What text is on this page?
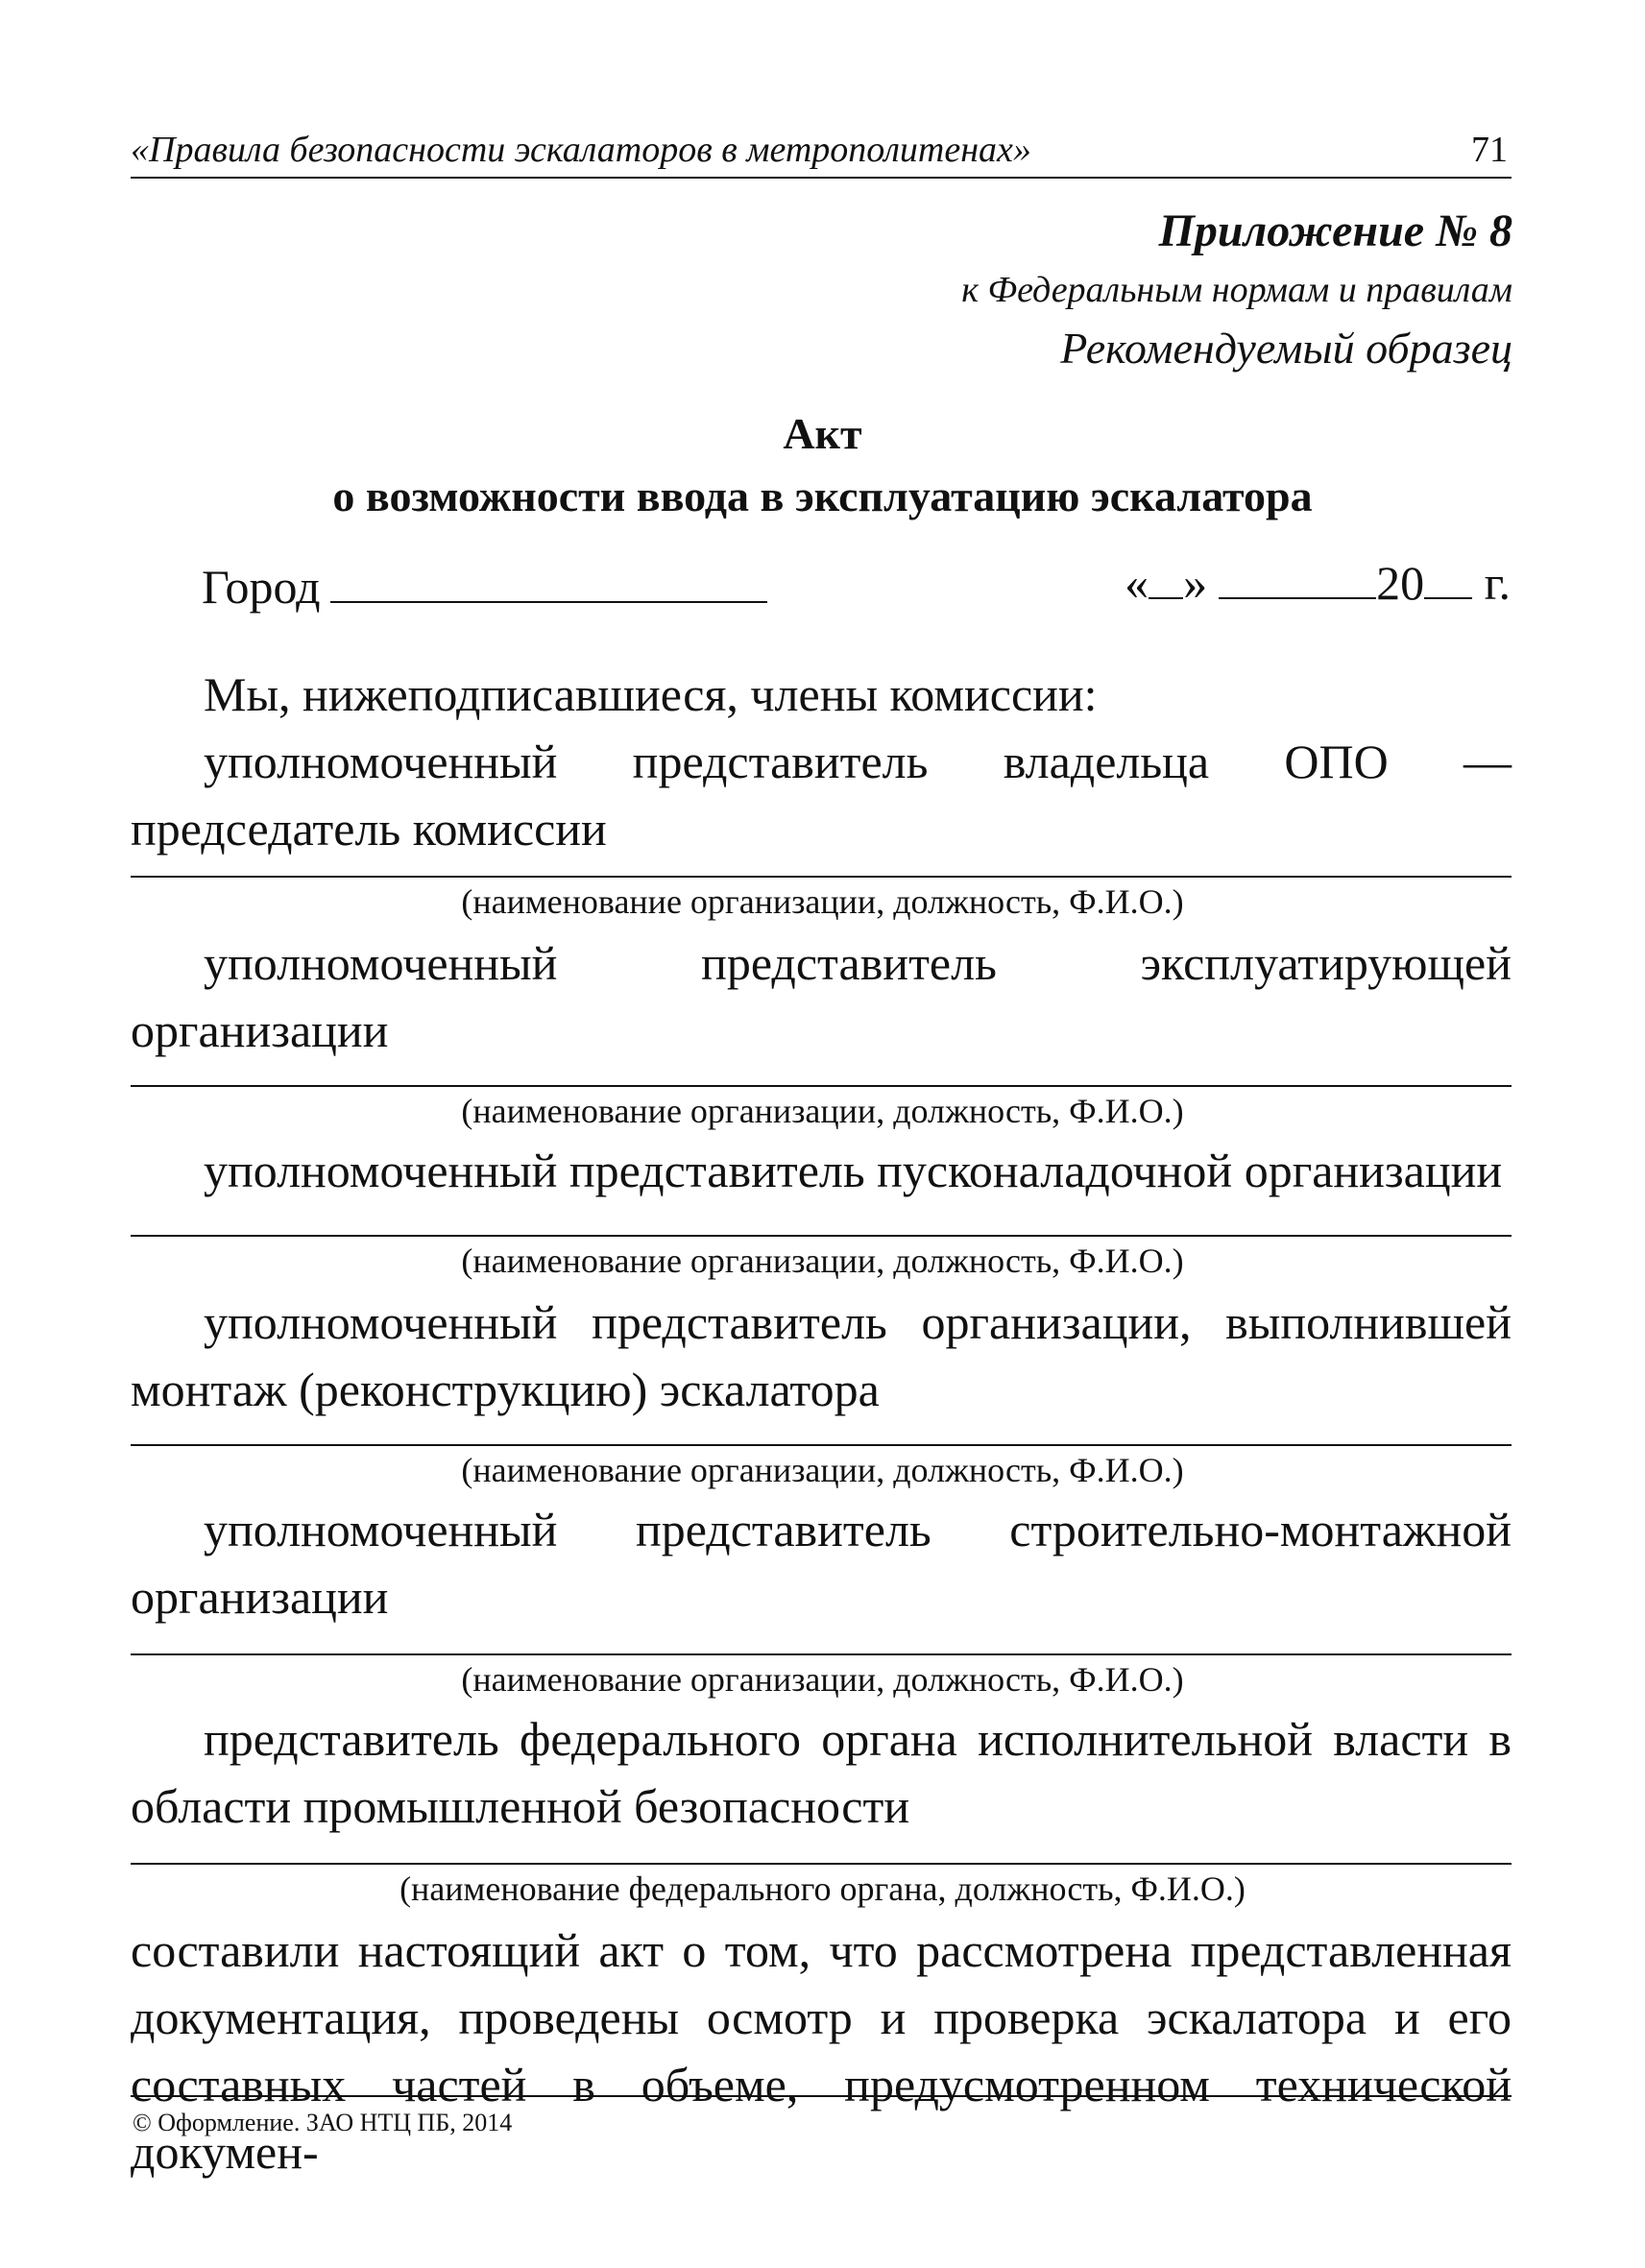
«Правила безопасности эскалаторов в метрополитенах»	71
Приложение № 8
к Федеральным нормам и правилам
Рекомендуемый образец
Акт
о возможности ввода в эксплуатацию эскалатора
Город	« »	20 г.
Мы, нижеподписавшиеся, члены комиссии:
уполномоченный представитель владельца ОПО — председатель комиссии
(наименование организации, должность, Ф.И.О.)
уполномоченный представитель эксплуатирующей организации
(наименование организации, должность, Ф.И.О.)
уполномоченный представитель пусконаладочной организации
(наименование организации, должность, Ф.И.О.)
уполномоченный представитель организации, выполнившей монтаж (реконструкцию) эскалатора
(наименование организации, должность, Ф.И.О.)
уполномоченный представитель строительно-монтажной организации
(наименование организации, должность, Ф.И.О.)
представитель федерального органа исполнительной власти в области промышленной безопасности
(наименование федерального органа, должность, Ф.И.О.)
составили настоящий акт о том, что рассмотрена представленная документация, проведены осмотр и проверка эскалатора и его составных частей в объеме, предусмотренном технической докумен-
© Оформление. ЗАО НТЦ ПБ, 2014
